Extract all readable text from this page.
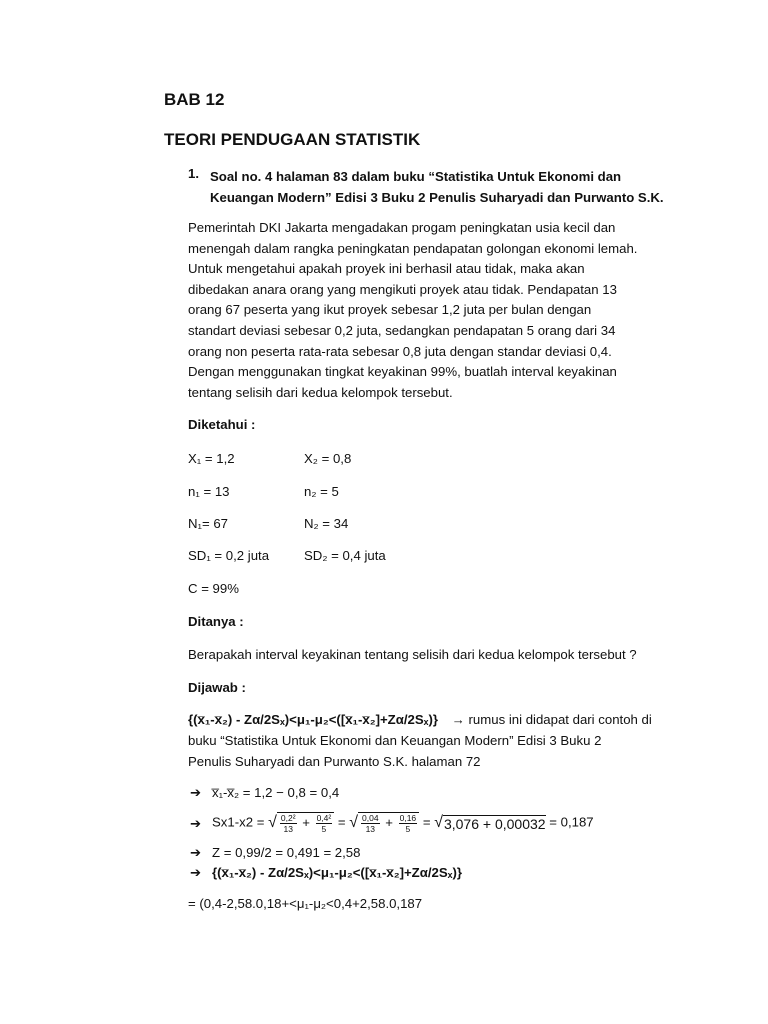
BAB 12
TEORI PENDUGAAN STATISTIK
1. Soal no. 4 halaman 83 dalam buku “Statistika Untuk Ekonomi dan
Keuangan Modern” Edisi 3 Buku 2 Penulis Suharyadi dan Purwanto S.K.
Pemerintah DKI Jakarta mengadakan progam peningkatan usia kecil dan
menengah dalam rangka peningkatan pendapatan golongan ekonomi lemah.
Untuk mengetahui apakah proyek ini berhasil atau tidak, maka akan
dibedakan anara orang yang mengikuti proyek atau tidak. Pendapatan 13
orang 67 peserta yang ikut proyek sebesar 1,2 juta per bulan dengan
standart deviasi sebesar 0,2 juta, sedangkan pendapatan 5 orang dari 34
orang non peserta rata-rata sebesar 0,8 juta dengan standar deviasi 0,4.
Dengan menggunakan tingkat keyakinan 99%, buatlah interval keyakinan
tentang selisih dari kedua kelompok tersebut.
Diketahui :
X₁ = 1,2	X₂ = 0,8
n₁ = 13	n₂ = 5
N₁= 67	N₂ = 34
SD₁ = 0,2 juta	SD₂ = 0,4 juta
C = 99%
Ditanya :
Berapakah interval keyakinan tentang selisih dari kedua kelompok tersebut ?
Dijawab :
{(x̅₁-x̅₂) - Zα/2Sₓ)<μ₁-μ₂<([x̅₁-x̅₂]+Zα/2Sₓ)} → rumus ini didapat dari contoh di
buku “Statistika Untuk Ekonomi dan Keuangan Modern” Edisi 3 Buku 2
Penulis Suharyadi dan Purwanto S.K. halaman 72
➔ x̅₁-x̅₂ = 1,2 − 0,8 = 0,4
➔ Sx1-x2 = √ $\frac{\text{0,2²}}{13} + \frac{\text{0,4²}}{5}$ = √ $\frac{0,04}{13} + \frac{0,16}{5} = √3,076 + 0,00032 = 0,187$
➔ Z = 0,99/2 = 0,491 = 2,58
➔ {(x̅₁-x̅₂) - Zα/2Sₓ)<μ₁-μ₂<([x̅₁-x̅₂]+Zα/2Sₓ)}
= (0,4-2,58.0,18+<μ₁-μ₂<0,4+2,58.0,187
